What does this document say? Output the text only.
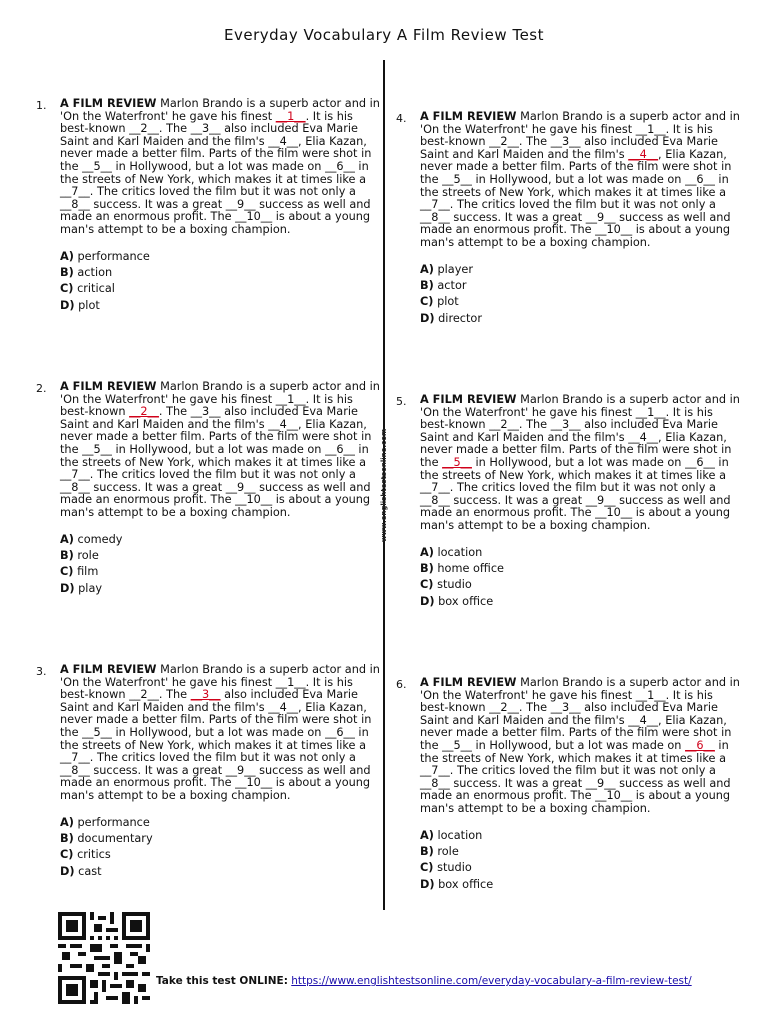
Everyday Vocabulary A Film Review Test
www.englishtestsonline.com
1. A FILM REVIEW Marlon Brando is a superb actor and in 'On the Waterfront' he gave his finest __1__. It is his best-known __2__. The __3__ also included Eva Marie Saint and Karl Maiden and the film's __4__, Elia Kazan, never made a better film. Parts of the film were shot in the __5__ in Hollywood, but a lot was made on __6__ in the streets of New York, which makes it at times like a __7__. The critics loved the film but it was not only a __8__ success. It was a great __9__ success as well and made an enormous profit. The __10__ is about a young man's attempt to be a boxing champion.

A) performance
B) action
C) critical
D) plot
2. A FILM REVIEW Marlon Brando is a superb actor and in 'On the Waterfront' he gave his finest __1__. It is his best-known __2__. The __3__ also included Eva Marie Saint and Karl Maiden and the film's __4__, Elia Kazan, never made a better film. Parts of the film were shot in the __5__ in Hollywood, but a lot was made on __6__ in the streets of New York, which makes it at times like a __7__. The critics loved the film but it was not only a __8__ success. It was a great __9__ success as well and made an enormous profit. The __10__ is about a young man's attempt to be a boxing champion.

A) comedy
B) role
C) film
D) play
3. A FILM REVIEW Marlon Brando is a superb actor and in 'On the Waterfront' he gave his finest __1__. It is his best-known __2__. The __3__ also included Eva Marie Saint and Karl Maiden and the film's __4__, Elia Kazan, never made a better film. Parts of the film were shot in the __5__ in Hollywood, but a lot was made on __6__ in the streets of New York, which makes it at times like a __7__. The critics loved the film but it was not only a __8__ success. It was a great __9__ success as well and made an enormous profit. The __10__ is about a young man's attempt to be a boxing champion.

A) performance
B) documentary
C) critics
D) cast
4. A FILM REVIEW Marlon Brando is a superb actor and in 'On the Waterfront' he gave his finest __1__. It is his best-known __2__. The __3__ also included Eva Marie Saint and Karl Maiden and the film's __4__, Elia Kazan, never made a better film. Parts of the film were shot in the __5__ in Hollywood, but a lot was made on __6__ in the streets of New York, which makes it at times like a __7__. The critics loved the film but it was not only a __8__ success. It was a great __9__ success as well and made an enormous profit. The __10__ is about a young man's attempt to be a boxing champion.

A) player
B) actor
C) plot
D) director
5. A FILM REVIEW Marlon Brando is a superb actor and in 'On the Waterfront' he gave his finest __1__. It is his best-known __2__. The __3__ also included Eva Marie Saint and Karl Maiden and the film's __4__, Elia Kazan, never made a better film. Parts of the film were shot in the __5__ in Hollywood, but a lot was made on __6__ in the streets of New York, which makes it at times like a __7__. The critics loved the film but it was not only a __8__ success. It was a great __9__ success as well and made an enormous profit. The __10__ is about a young man's attempt to be a boxing champion.

A) location
B) home office
C) studio
D) box office
6. A FILM REVIEW Marlon Brando is a superb actor and in 'On the Waterfront' he gave his finest __1__. It is his best-known __2__. The __3__ also included Eva Marie Saint and Karl Maiden and the film's __4__, Elia Kazan, never made a better film. Parts of the film were shot in the __5__ in Hollywood, but a lot was made on __6__ in the streets of New York, which makes it at times like a __7__. The critics loved the film but it was not only a __8__ success. It was a great __9__ success as well and made an enormous profit. The __10__ is about a young man's attempt to be a boxing champion.

A) location
B) role
C) studio
D) box office
Take this test ONLINE: https://www.englishtestsonline.com/everyday-vocabulary-a-film-review-test/
